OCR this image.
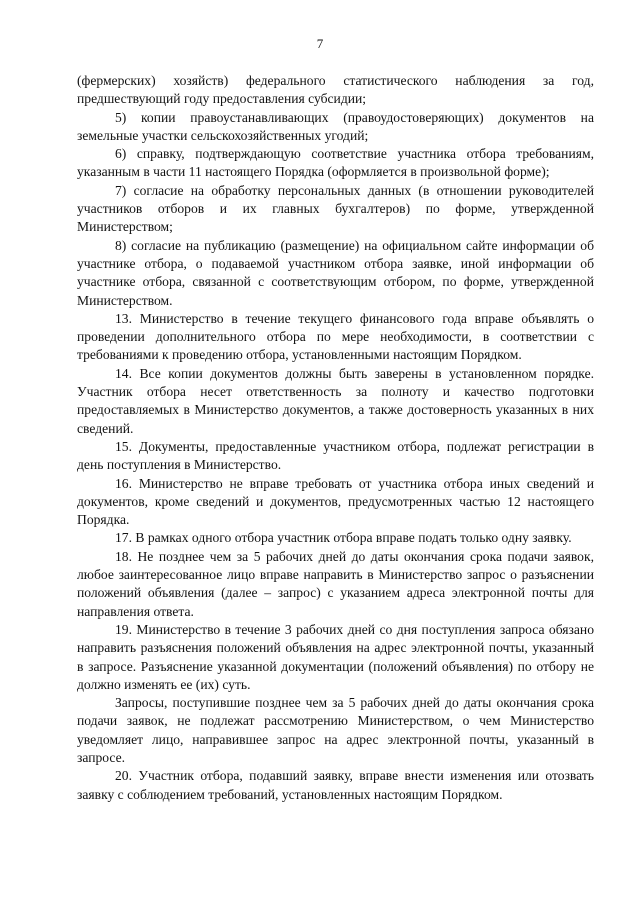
7

(фермерских) хозяйств) федерального статистического наблюдения за год, предшествующий году предоставления субсидии;

5) копии правоустанавливающих (правоудостоверяющих) документов на земельные участки сельскохозяйственных угодий;

6) справку, подтверждающую соответствие участника отбора требованиям, указанным в части 11 настоящего Порядка (оформляется в произвольной форме);

7) согласие на обработку персональных данных (в отношении руководителей участников отборов и их главных бухгалтеров) по форме, утвержденной Министерством;

8) согласие на публикацию (размещение) на официальном сайте информации об участнике отбора, о подаваемой участником отбора заявке, иной информации об участнике отбора, связанной с соответствующим отбором, по форме, утвержденной Министерством.

13. Министерство в течение текущего финансового года вправе объявлять о проведении дополнительного отбора по мере необходимости, в соответствии с требованиями к проведению отбора, установленными настоящим Порядком.

14. Все копии документов должны быть заверены в установленном порядке. Участник отбора несет ответственность за полноту и качество подготовки предоставляемых в Министерство документов, а также достоверность указанных в них сведений.

15. Документы, предоставленные участником отбора, подлежат регистрации в день поступления в Министерство.

16. Министерство не вправе требовать от участника отбора иных сведений и документов, кроме сведений и документов, предусмотренных частью 12 настоящего Порядка.

17. В рамках одного отбора участник отбора вправе подать только одну заявку.

18. Не позднее чем за 5 рабочих дней до даты окончания срока подачи заявок, любое заинтересованное лицо вправе направить в Министерство запрос о разъяснении положений объявления (далее – запрос) с указанием адреса электронной почты для направления ответа.

19. Министерство в течение 3 рабочих дней со дня поступления запроса обязано направить разъяснения положений объявления на адрес электронной почты, указанный в запросе. Разъяснение указанной документации (положений объявления) по отбору не должно изменять ее (их) суть.

Запросы, поступившие позднее чем за 5 рабочих дней до даты окончания срока подачи заявок, не подлежат рассмотрению Министерством, о чем Министерство уведомляет лицо, направившее запрос на адрес электронной почты, указанный в запросе.

20. Участник отбора, подавший заявку, вправе внести изменения или отозвать заявку с соблюдением требований, установленных настоящим Порядком.
